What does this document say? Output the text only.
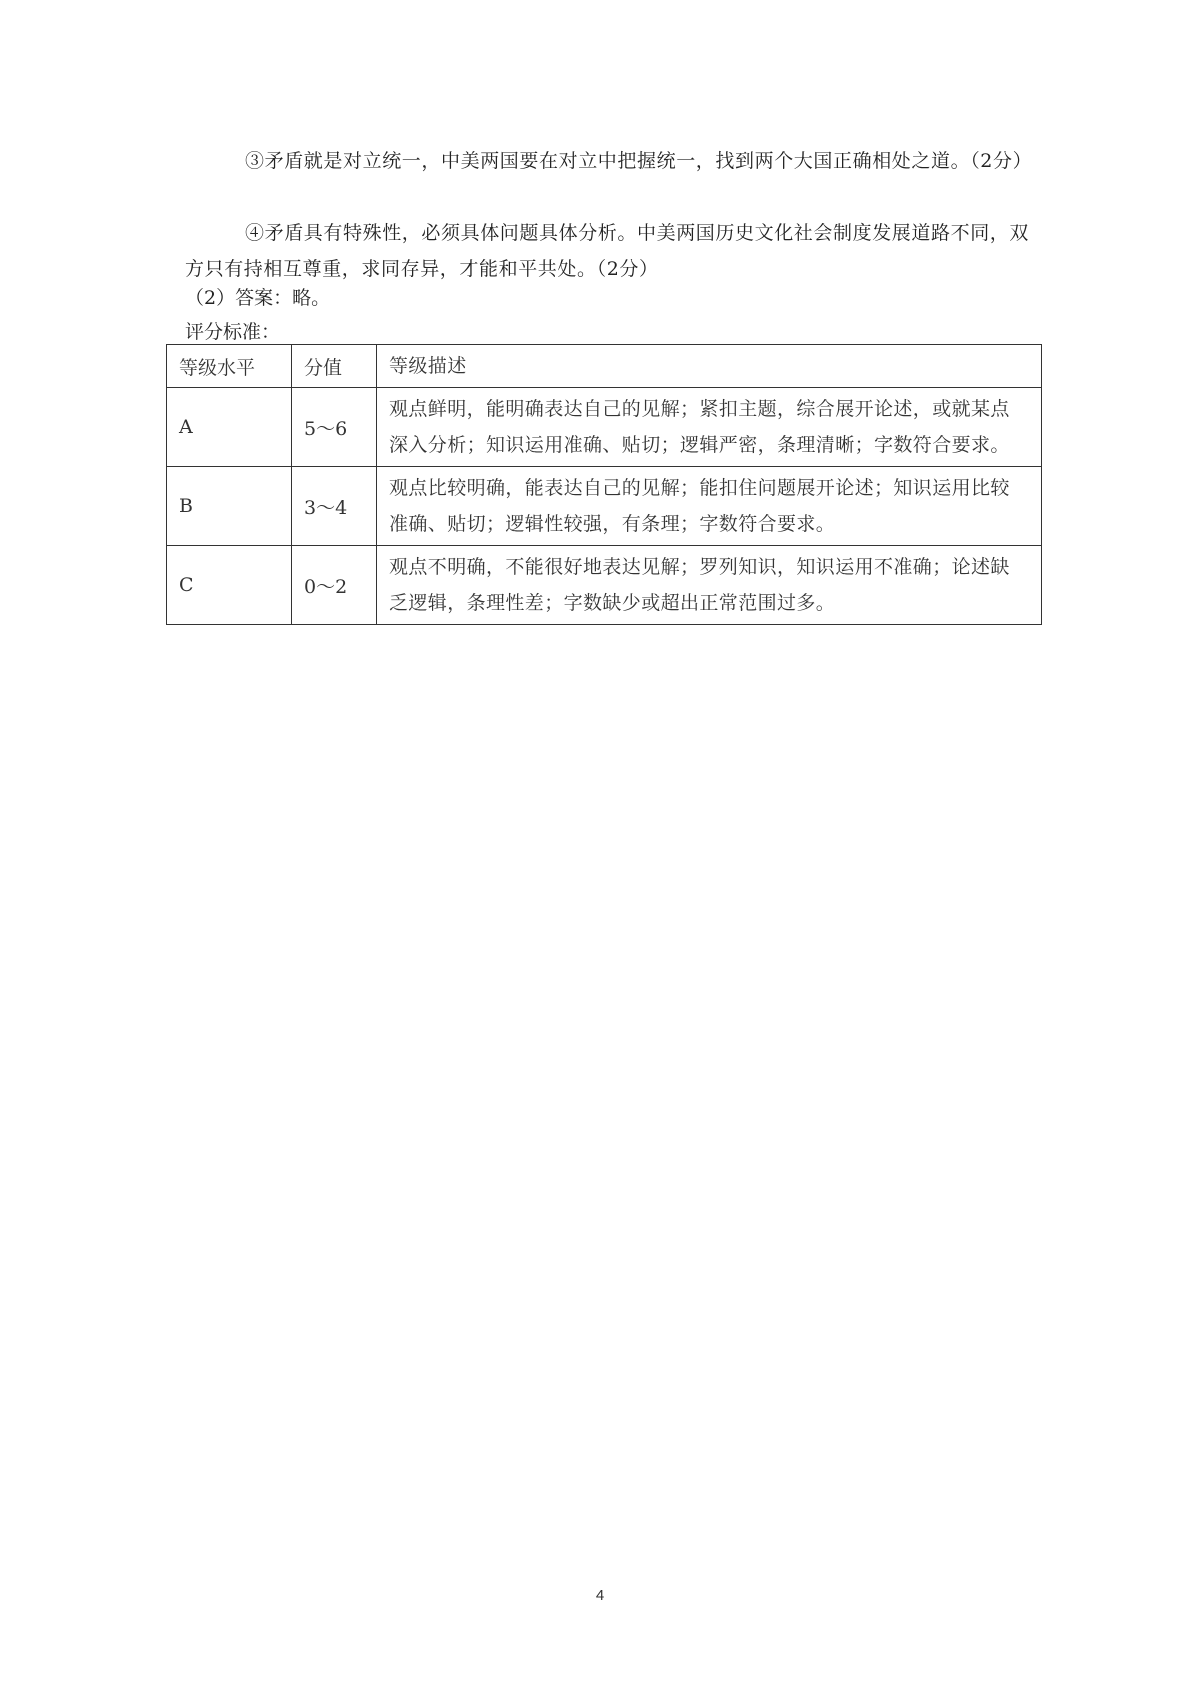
③矛盾就是对立统一，中美两国要在对立中把握统一，找到两个大国正确相处之道。（2分）

④矛盾具有特殊性，必须具体问题具体分析。中美两国历史文化社会制度发展道路不同，双方只有持相互尊重，求同存异，才能和平共处。（2分）

（2）答案：略。

评分标准：

等级水平	分值	等级描述
A	5～6	观点鲜明，能明确表达自己的见解；紧扣主题，综合展开论述，或就某点深入分析；知识运用准确、贴切；逻辑严密，条理清晰；字数符合要求。
B	3～4	观点比较明确，能表达自己的见解；能扣住问题展开论述；知识运用比较准确、贴切；逻辑性较强，有条理；字数符合要求。
C	0～2	观点不明确，不能很好地表达见解；罗列知识，知识运用不准确；论述缺乏逻辑，条理性差；字数缺少或超出正常范围过多。
4
